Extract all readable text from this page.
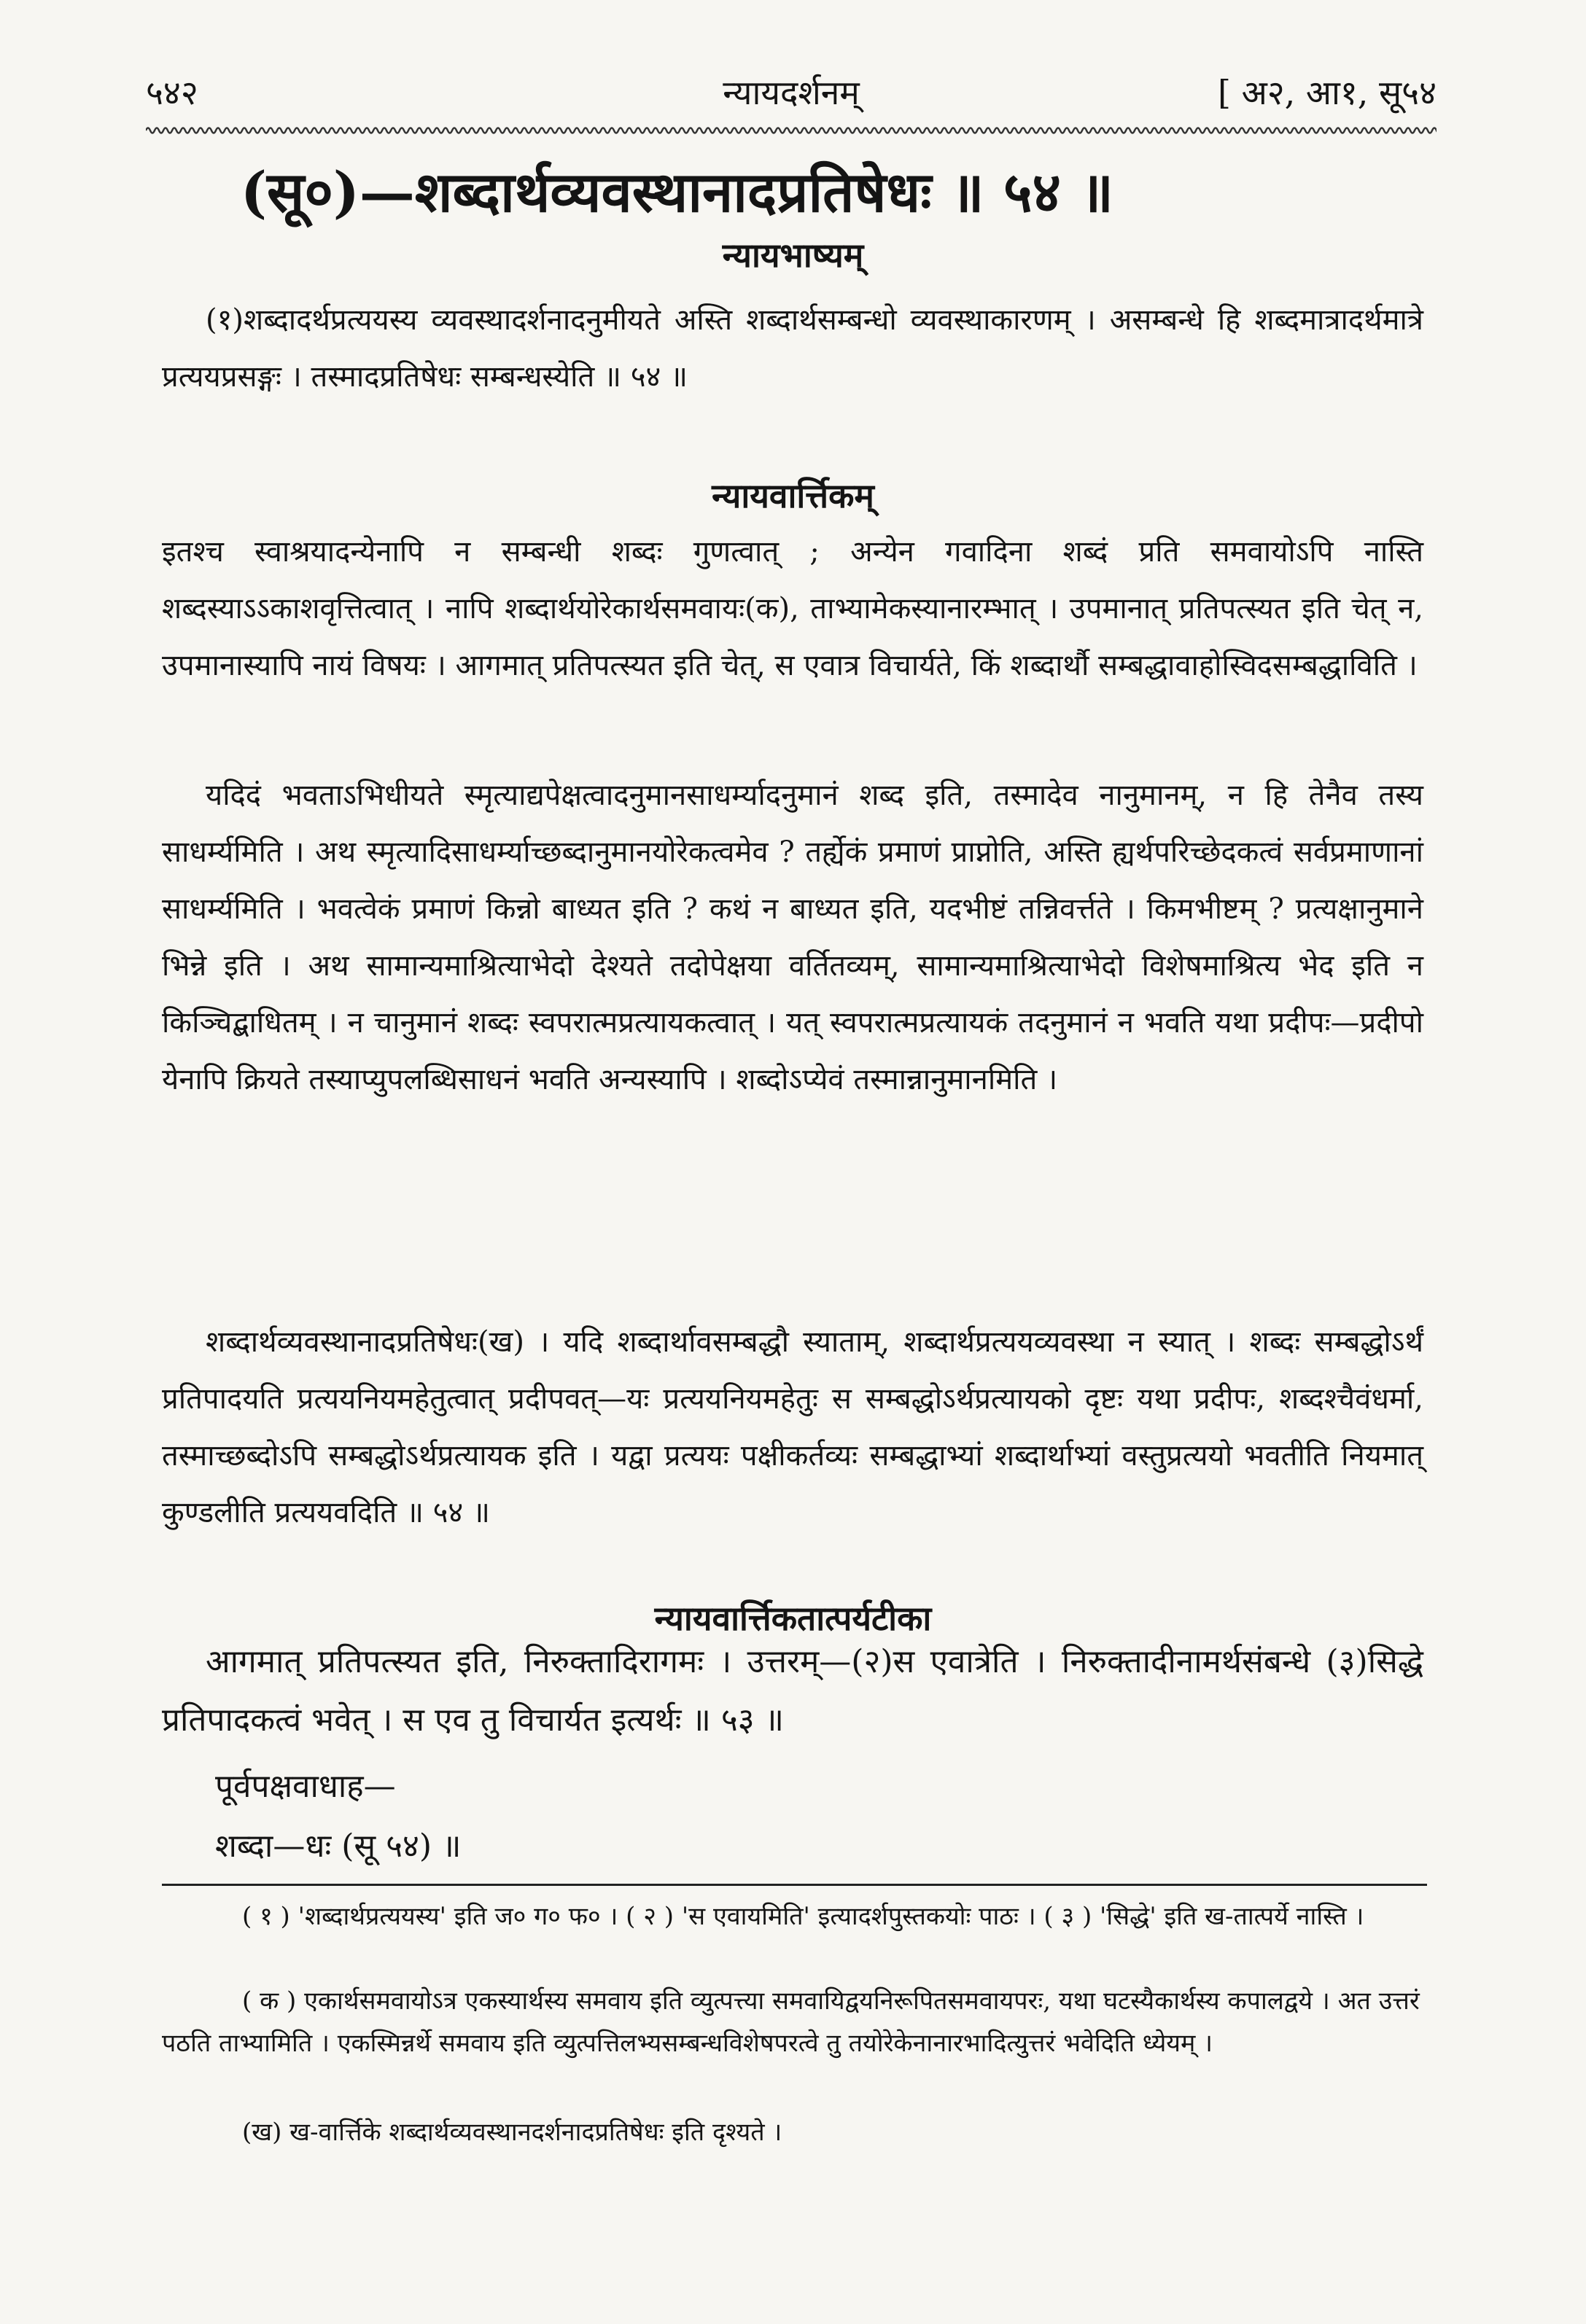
न्यायदर्शनम्
५४२	[ अ२, आ१, सू५४
(सू०)—शब्दार्थव्यवस्थानादप्रतिषेधः ॥ ५४ ॥
न्यायभाष्यम्
(१)शब्दादर्थप्रत्ययस्य व्यवस्थादर्शनादनुमीयते अस्ति शब्दार्थसम्बन्धो व्यवस्थाकारणम् । असम्बन्धे हि शब्दमात्रादर्थमात्रे प्रत्ययप्रसङ्गः । तस्मादप्रतिषेधः सम्बन्धस्येति ॥ ५४ ॥
न्यायवार्त्तिकम्
इतश्च स्वाश्रयादन्येनापि न सम्बन्धी शब्दः गुणत्वात् ; अन्येन गवादिना शब्दं प्रति समवायोऽपि नास्ति शब्दस्याऽऽकाशवृत्तित्वात् । नापि शब्दार्थयोरेकार्थसमवायः(क), ताभ्यामेकस्यानारम्भात् । उपमानात् प्रतिपत्स्यत इति चेत् न, उपमानास्यापि नायं विषयः । आगमात् प्रतिपत्स्यत इति चेत्, स एवात्र विचार्यते, किं शब्दार्थौ सम्बद्धावाहोस्विदसम्बद्धाविति ।
यदिदं भवताऽभिधीयते स्मृत्याद्यपेक्षत्वादनुमानसाधर्म्यादनुमानं शब्द इति, तस्मादेव नानुमानम्, न हि तेनैव तस्य साधर्म्यमिति । अथ स्मृत्यादिसाधर्म्याच्छब्दानुमानयोरेकत्वमेव ? तर्ह्येकं प्रमाणं प्राप्नोति, अस्ति ह्यर्थपरिच्छेदकत्वं सर्वप्रमाणानां साधर्म्यमिति । भवत्वेकं प्रमाणं किन्नो बाध्यत इति ? कथं न बाध्यत इति, यदभीष्टं तन्निवर्त्तते । किमभीष्टम् ? प्रत्यक्षानुमाने भिन्ने इति । अथ सामान्यमाश्रित्याभेदो देश्यते तदोपेक्षया वर्तितव्यम्, सामान्यमाश्रित्याभेदो विशेषमाश्रित्य भेद इति न किञ्चिद्बाधितम् । न चानुमानं शब्दः स्वपरात्मप्रत्यायकत्वात् । यत् स्वपरात्मप्रत्यायकं तदनुमानं न भवति यथा प्रदीपः—प्रदीपो येनापि क्रियते तस्याप्युपलब्धिसाधनं भवति अन्यस्यापि । शब्दोऽप्येवं तस्मान्नानुमानमिति ।
शब्दार्थव्यवस्थानादप्रतिषेधः(ख) । यदि शब्दार्थावसम्बद्धौ स्याताम्, शब्दार्थप्रत्ययव्यवस्था न स्यात् । शब्दः सम्बद्धोऽर्थं प्रतिपादयति प्रत्ययनियमहेतुत्वात् प्रदीपवत्—यः प्रत्ययनियमहेतुः स सम्बद्धोऽर्थप्रत्यायको दृष्टः यथा प्रदीपः, शब्दश्चैवंधर्मा, तस्माच्छब्दोऽपि सम्बद्धोऽर्थप्रत्यायक इति । यद्वा प्रत्ययः पक्षीकर्तव्यः सम्बद्धाभ्यां शब्दार्थाभ्यां वस्तुप्रत्ययो भवतीति नियमात् कुण्डलीति प्रत्ययवदिति ॥ ५४ ॥
न्यायवार्त्तिकतात्पर्यटीका
आगमात् प्रतिपत्स्यत इति, निरुक्तादिरागमः । उत्तरम्—(२)स एवात्रेति । निरुक्तादीनामर्थसंबन्धे (३)सिद्धे प्रतिपादकत्वं भवेत् । स एव तु विचार्यत इत्यर्थः ॥ ५३ ॥
पूर्वपक्षवाधाह—
( १ ) 'शब्दार्थप्रत्ययस्य' इति ज० ग० फ० । ( २ ) 'स एवायमिति' इत्यादर्शपुस्तकयोः पाठः । ( ३ ) 'सिद्धे' इति ख-तात्पर्ये नास्ति ।
शब्दा—धः (सू ५४) ॥
( क ) एकार्थसमवायोऽत्र एकस्यार्थस्य समवाय इति व्युत्पत्त्या समवायिद्वयनिरूपितसमवायपरः, यथा घटस्यैकार्थस्य कपालद्वये । अत उत्तरं पठति ताभ्यामिति । एकस्मिन्नर्थे समवाय इति व्युत्पत्तिलभ्यसम्बन्धविशेषपरत्वे तु तयोरेकेनानारभादित्युत्तरं भवेदिति ध्येयम् ।
(ख) ख-वार्त्तिके शब्दार्थव्यवस्थानदर्शनादप्रतिषेधः इति दृश्यते ।
